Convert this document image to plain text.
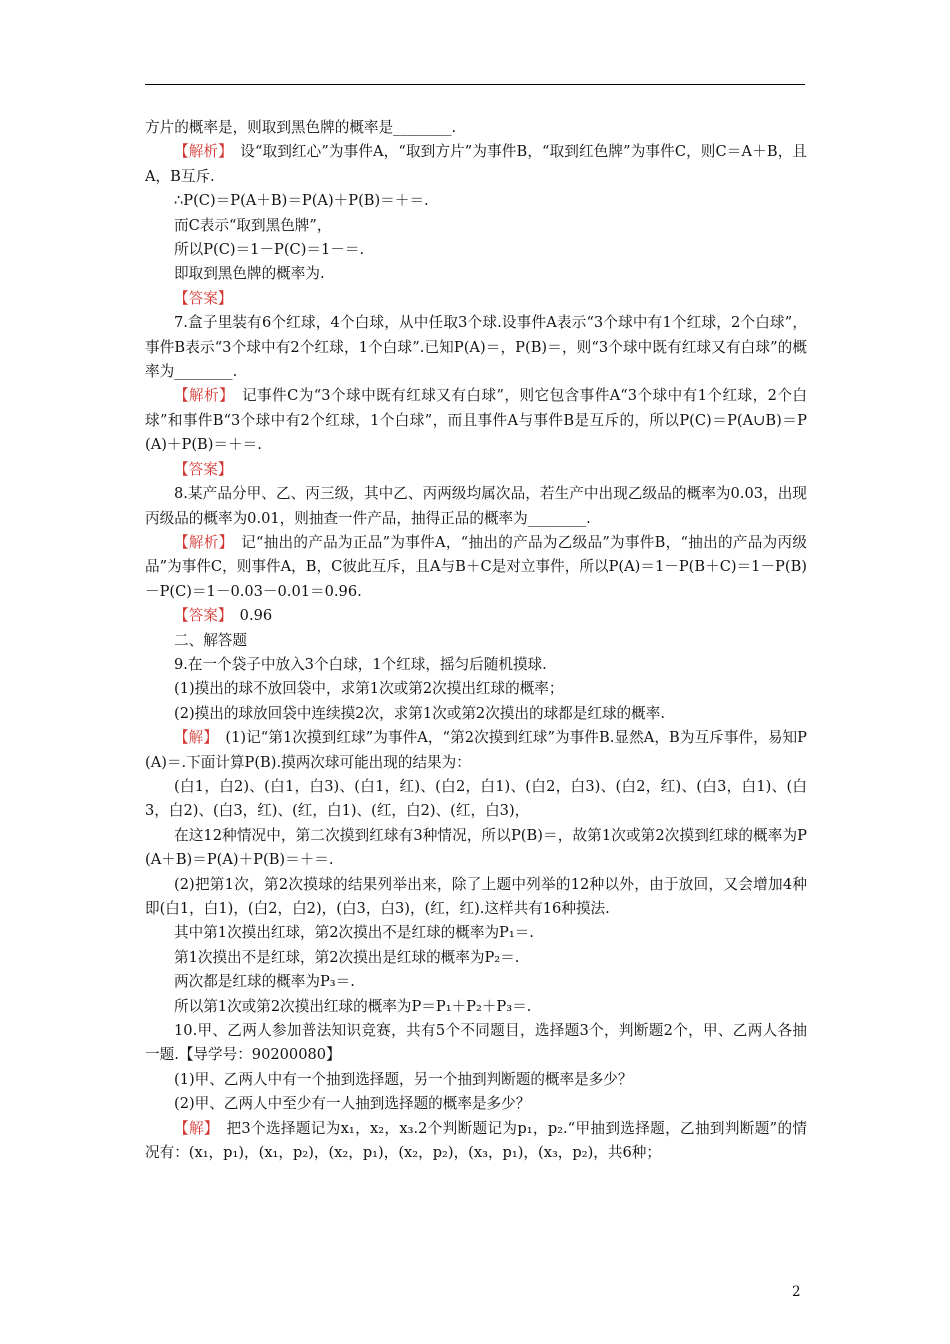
方片的概率是，则取到黑色牌的概率是________.

【解析】　设“取到红心”为事件A，“取到方片”为事件B，“取到红色牌”为事件C，则C＝A＋B，且A，B互斥.

∴P(C)＝P(A＋B)＝P(A)＋P(B)＝＋＝.

而C表示“取到黑色牌”，

所以P(C)＝1－P(C)＝1－＝.

即取到黑色牌的概率为.

【答案】

7.盒子里装有6个红球，4个白球，从中任取3个球.设事件A表示“3个球中有1个红球，2个白球”，事件B表示“3个球中有2个红球，1个白球”.已知P(A)＝，P(B)＝，则“3个球中既有红球又有白球”的概率为________.

【解析】　记事件C为“3个球中既有红球又有白球”，则它包含事件A“3个球中有1个红球，2个白球”和事件B“3个球中有2个红球，1个白球”，而且事件A与事件B是互斥的，所以P(C)＝P(A∪B)＝P(A)＋P(B)＝＋＝.

【答案】

8.某产品分甲、乙、丙三级，其中乙、丙两级均属次品，若生产中出现乙级品的概率为0.03，出现丙级品的概率为0.01，则抽查一件产品，抽得正品的概率为________.

【解析】　记“抽出的产品为正品”为事件A，“抽出的产品为乙级品”为事件B，“抽出的产品为丙级品”为事件C，则事件A，B，C彼此互斥，且A与B＋C是对立事件，所以P(A)＝1－P(B＋C)＝1－P(B)－P(C)＝1－0.03－0.01＝0.96.

【答案】　0.96

二、解答题

9.在一个袋子中放入3个白球，1个红球，摇匀后随机摸球.

(1)摸出的球不放回袋中，求第1次或第2次摸出红球的概率；

(2)摸出的球放回袋中连续摸2次，求第1次或第2次摸出的球都是红球的概率.

【解】　(1)记“第1次摸到红球”为事件A，“第2次摸到红球”为事件B.显然A，B为互斥事件，易知P(A)＝.下面计算P(B).摸两次球可能出现的结果为：

(白1，白2)、(白1，白3)、(白1，红)、(白2，白1)、(白2，白3)、(白2，红)、(白3，白1)、(白3，白2)、(白3，红)、(红，白1)、(红，白2)、(红，白3)，

在这12种情况中，第二次摸到红球有3种情况，所以P(B)＝，故第1次或第2次摸到红球的概率为P(A＋B)＝P(A)＋P(B)＝＋＝.

(2)把第1次，第2次摸球的结果列举出来，除了上题中列举的12种以外，由于放回，又会增加4种即(白1，白1)，(白2，白2)，(白3，白3)，(红，红).这样共有16种摸法.

其中第1次摸出红球，第2次摸出不是红球的概率为P₁＝.

第1次摸出不是红球，第2次摸出是红球的概率为P₂＝.

两次都是红球的概率为P₃＝.

所以第1次或第2次摸出红球的概率为P＝P₁＋P₂＋P₃＝.

10.甲、乙两人参加普法知识竞赛，共有5个不同题目，选择题3个，判断题2个，甲、乙两人各抽一题.【导学号：90200080】

(1)甲、乙两人中有一个抽到选择题，另一个抽到判断题的概率是多少？

(2)甲、乙两人中至少有一人抽到选择题的概率是多少？

【解】　把3个选择题记为x₁，x₂，x₃.2个判断题记为p₁，p₂.“甲抽到选择题，乙抽到判断题”的情况有：(x₁，p₁)，(x₁，p₂)，(x₂，p₁)，(x₂，p₂)，(x₃，p₁)，(x₃，p₂)，共6种；

2
